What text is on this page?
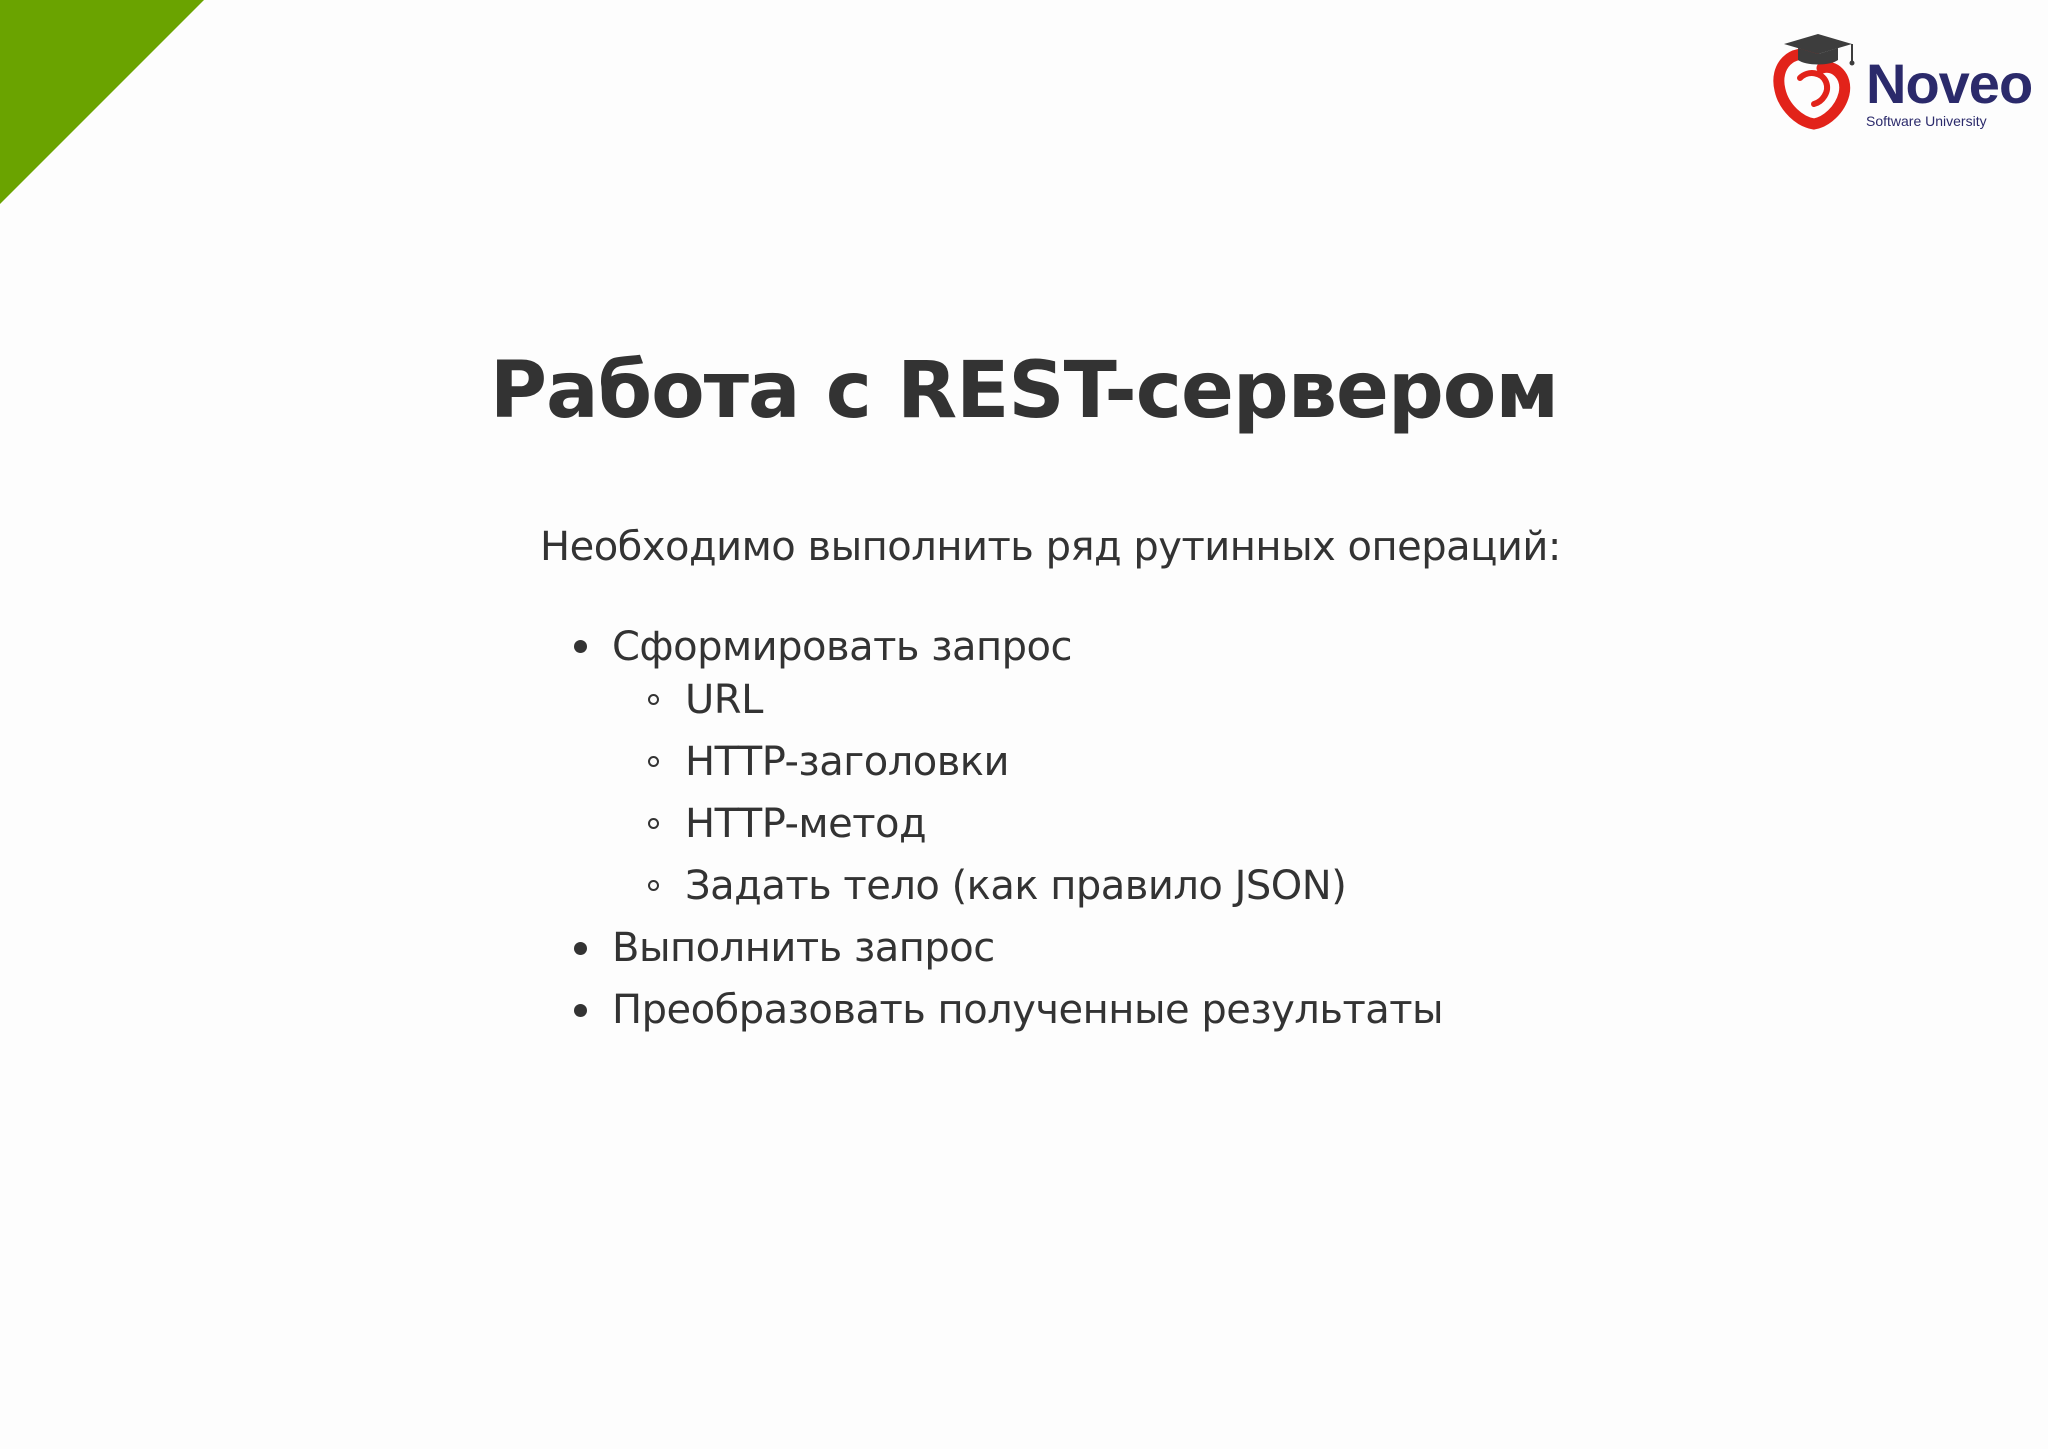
Noveo
Software University
Работа с REST-сервером

Необходимо выполнить ряд рутинных операций:

Сформировать запрос
URL
HTTP-заголовки
HTTP-метод
Задать тело (как правило JSON)
Выполнить запрос
Преобразовать полученные результаты
